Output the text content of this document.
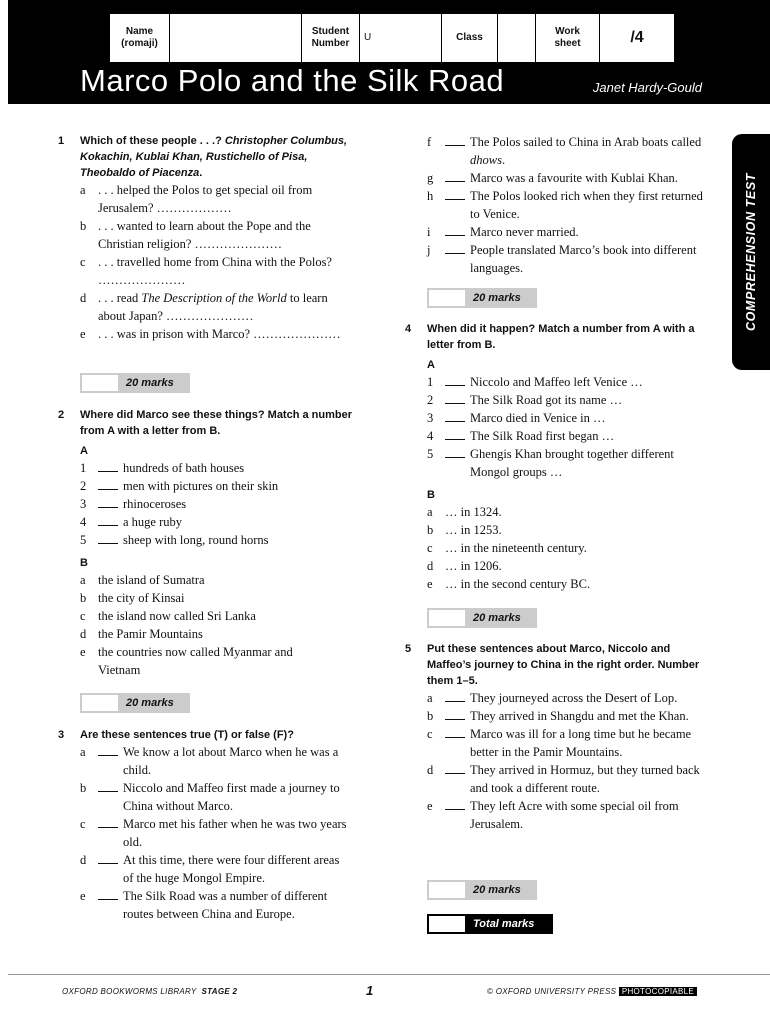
Name
(romaji)		Student
Number	U	Class		Work
sheet	/4
Marco Polo and the Silk Road	Janet Hardy-Gould
COMPREHENSION TEST
1	Which of these people . . .? Christopher Columbus, Kokachin, Kublai Khan, Rustichello of Pisa, Theobaldo of Piacenza.
a . . . helped the Polos to get special oil from Jerusalem? ………………
b . . . wanted to learn about the Pope and the Christian religion? …………………
c . . . travelled home from China with the Polos? …………………
d . . . read The Description of the World to learn about Japan? …………………
e . . . was in prison with Marco? …………………
20 marks
2	Where did Marco see these things? Match a number from A with a letter from B.
A
1	hundreds of bath houses
2	men with pictures on their skin
3	rhinoceroses
4	a huge ruby
5	sheep with long, round horns
B
a the island of Sumatra
b the city of Kinsai
c the island now called Sri Lanka
d the Pamir Mountains
e the countries now called Myanmar and Vietnam
20 marks
3	Are these sentences true (T) or false (F)?
a	We know a lot about Marco when he was a child.
b	Niccolo and Maffeo first made a journey to China without Marco.
c	Marco met his father when he was two years old.
d	At this time, there were four different areas of the huge Mongol Empire.
e	The Silk Road was a number of different routes between China and Europe.
f	The Polos sailed to China in Arab boats called dhows.
g	Marco was a favourite with Kublai Khan.
h	The Polos looked rich when they first returned to Venice.
i	Marco never married.
j	People translated Marco’s book into different languages.
20 marks
4	When did it happen? Match a number from A with a letter from B.
A
1	Niccolo and Maffeo left Venice …
2	The Silk Road got its name …
3	Marco died in Venice in …
4	The Silk Road first began …
5	Ghengis Khan brought together different Mongol groups …
B
a … in 1324.
b … in 1253.
c … in the nineteenth century.
d … in 1206.
e … in the second century BC.
20 marks
5	Put these sentences about Marco, Niccolo and Maffeo’s journey to China in the right order. Number them 1–5.
a	They journeyed across the Desert of Lop.
b	They arrived in Shangdu and met the Khan.
c	Marco was ill for a long time but he became better in the Pamir Mountains.
d	They arrived in Hormuz, but they turned back and took a different route.
e	They left Acre with some special oil from Jerusalem.
20 marks
Total marks
OXFORD BOOKWORMS LIBRARY STAGE 2	1	© OXFORD UNIVERSITY PRESS PHOTOCOPIABLE
